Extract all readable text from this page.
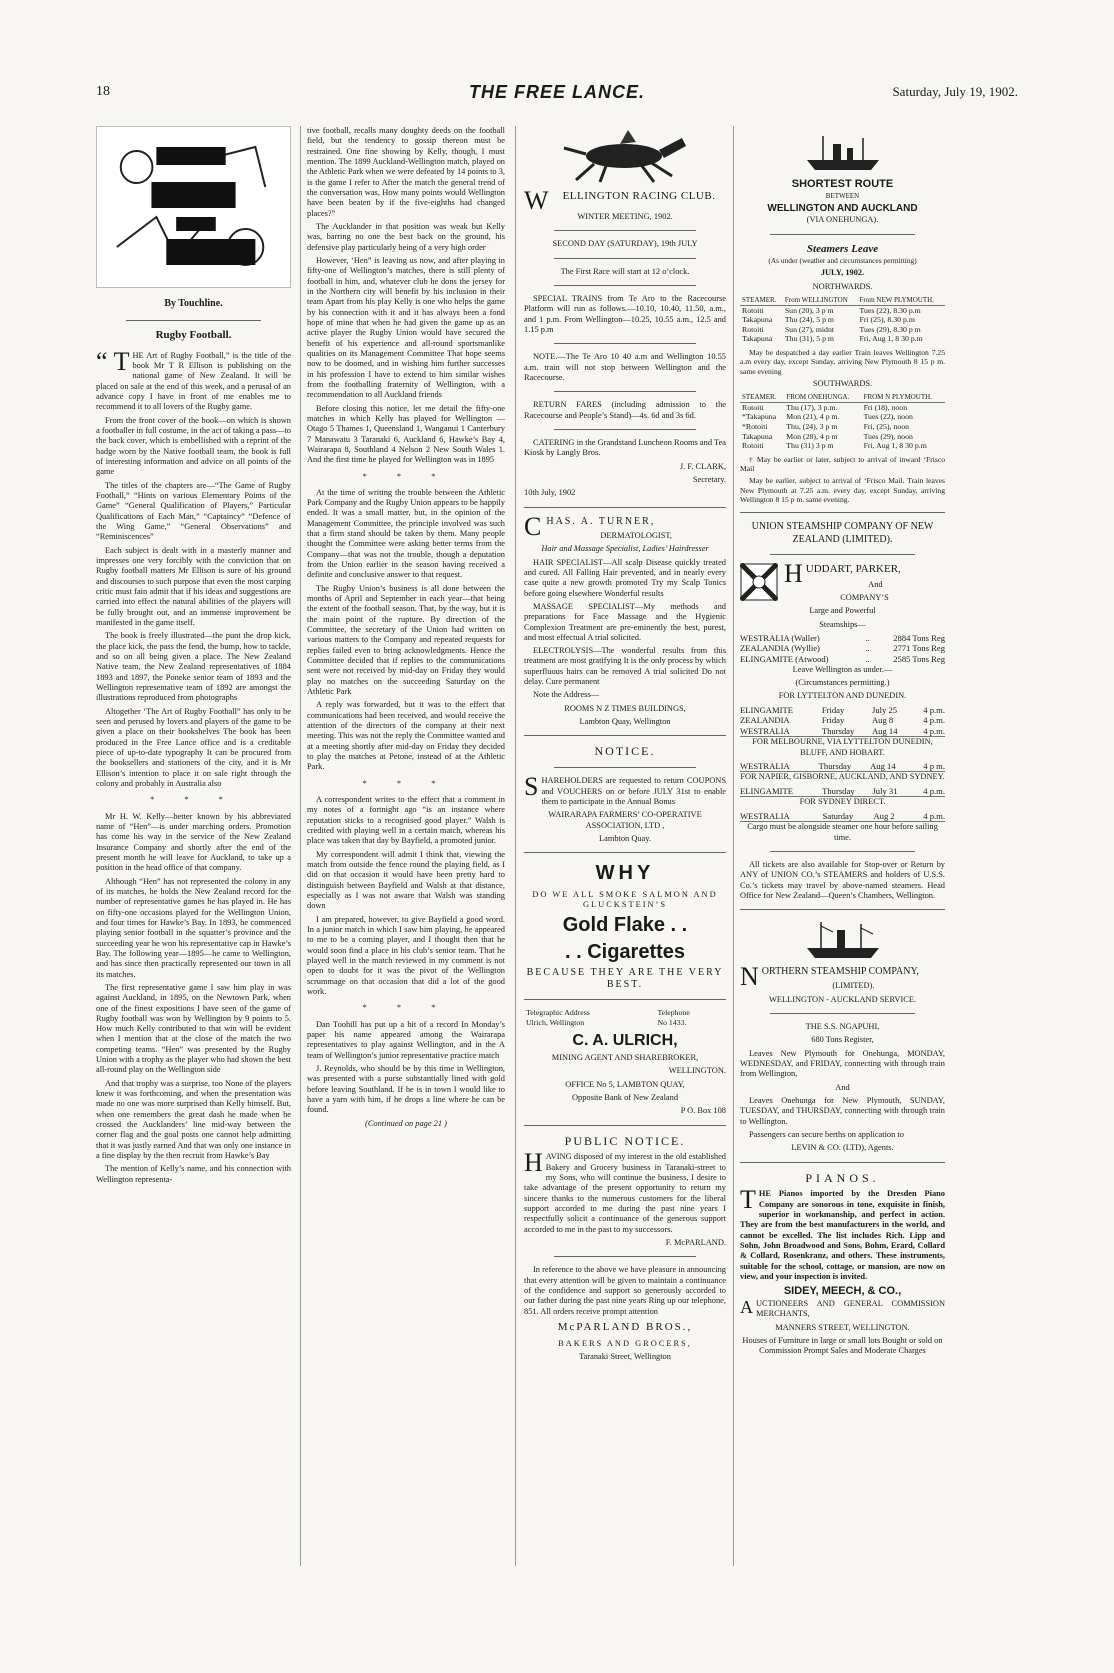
18	THE FREE LANCE.	Saturday, July 19, 1902.
By Touchline.
Rugby Football.

“ T HE Art of Rugby Football,” is the title of the book Mr T R Ellison is publishing on the national game of New Zealand. It will be placed on sale at the end of this week, and a perusal of an advance copy I have in front of me enables me to recommend it to all lovers of the Rugby game.

From the front cover of the book—on which is shown a footballer in full costume, in the act of taking a pass—to the back cover, which is embellished with a reprint of the badge worn by the Native football team, the book is full of interesting information and advice on all points of the game

The titles of the chapters are—“The Game of Rugby Football,” “Hints on various Elementary Points of the Game” “General Qualification of Players,” Particular Qualifications of Each Man,” “Captaincy” “Defence of the Wing Game,” “General Observations” and “Reminiscences”

Each subject is dealt with in a masterly manner and impresses one very forcibly with the conviction that on Rugby football matters Mr Ellison is sure of his ground and discourses to such purpose that even the most carping critic must fain admit that if his ideas and suggestions are carried into effect the natural abilities of the players will be fully brought out, and an immense improvement be manifested in the game itself.

The book is freely illustrated—the punt the drop kick, the place kick, the pass the fend, the bump, how to tackle, and so on all being given a place. The New Zealand Native team, the New Zealand representatives of 1884 1893 and 1897, the Poneke senior team of 1893 and the Wellington representative team of 1892 are amongst the illustrations reproduced from photographs

Altogether ‘The Art of Rugby Football” has only to be seen and perused by lovers and players of the game to be given a place on their bookshelves The book has been produced in the Free Lance office and is a creditable piece of up-to-date typography It can be procured from the booksellers and stationers of the city, and it is Mr Ellison’s intention to place it on sale right through the colony and probably in Australia also

* * *

Mr H. W. Kelly—better known by his abbreviated name of “Hen”—is under marching orders. Promotion has come his way in the service of the New Zealand Insurance Company and shortly after the end of the present month he will leave for Auckland, to take up a position in the head office of that company.

Although “Hen” has not represented the colony in any of its matches, he holds the New Zealand record for the number of representative games he has played in. He has on fifty-one occasions played for the Wellington Union, and four times for Hawke’s Bay. In 1893, he commenced playing senior football in the squatter’s province and the succeeding year he won his representative cap in Hawke’s Bay. The following year—1895—he came to Wellington, and has since then practically represented our town in all its matches.

The first representative game I saw him play in was against Auckland, in 1895, on the Newtown Park, when one of the finest expositions I have seen of the game of Rugby football was won by Wellington by 9 points to 5. How much Kelly contributed to that win will be evident when I mention that at the close of the match the two competing teams. “Hen” was presented by the Rugby Union with a trophy as the player who had shown the best all-round play on the Wellington side

And that trophy was a surprise, too None of the players knew it was forthcoming, and when the presentation was made no one was more surprised than Kelly himself. But, when one remembers the great dash he made when he crossed the Aucklanders’ line mid-way between the corner flag and the goal posts one cannot help admitting that it was justly earned And that was only one instance in a fine display by the then recruit from Hawke’s Bay

The mention of Kelly’s name, and his connection with Wellington representa-

tive football, recalls many doughty deeds on the football field, but the tendency to gossip thereon must be restrained. One fine showing by Kelly, though, I must mention. The 1899 Auckland-Wellington match, played on the Athletic Park when we were defeated by 14 points to 3, is the game I refer to After the match the general trend of the conversation was, How many points would Wellington have been beaten by if the five-eighths had changed places?”

The Aucklander in that position was weak but Kelly was, barring no one the best back on the ground, his defensive play particularly being of a very high order

However, ‘Hen” is leaving us now, and after playing in fifty-one of Wellington’s matches, there is still plenty of football in him, and, whatever club he dons the jersey for in the Northern city will benefit by his inclusion in their team Apart from his play Kelly is one who helps the game by his connection with it and it has always been a fond hope of mine that when he had given the game up as an active player the Rugby Union would have secured the benefit of his experience and all-round sportsmanlike qualities on its Management Committee That hope seems now to be doomed, and in wishing him further successes in his profession I have to extend to him similar wishes from the footballing fraternity of Wellington, with a recommendation to all Auckland friends

Before closing this notice, let me detail the fifty-one matches in which Kelly has played for Wellington — Otago 5 Thames 1, Queensland 1, Wanganui 1 Canterbury 7 Manawatu 3 Taranaki 6, Auckland 6, Hawke’s Bay 4, Wairarapa 8, Southland 4 Nelson 2 New South Wales 1. And the first time he played for Wellington was in 1895

* * *

At the time of writing the trouble between the Athletic Park Company and the Rugby Union appears to be happily ended. It was a small matter, but, in the opinion of the Management Committee, the principle involved was such that a firm stand should be taken by them. Many people thought the Committee were asking better terms from the Company—that was not the trouble, though a deputation from the Union earlier in the season having received a definite and conclusive answer to that request.

The Rugby Union’s business is all done between the months of April and September in each year—that being the extent of the football season. That, by the way, but it is the main point of the rupture. By direction of the Committee, the secretary of the Union had written on various matters to the Company and repeated requests for replies failed even to bring acknowledgments. Hence the Committee decided that if replies to the communications sent were not received by mid-day on Friday they would play no matches on the succeeding Saturday on the Athletic Park

A reply was forwarded, but it was to the effect that communications had been received, and would receive the attention of the directors of the company at their next meeting. This was not the reply the Committee wanted and at a meeting shortly after mid-day on Friday they decided to play the matches at Petone, instead of at the Athletic Park.

* * *

A correspondent writes to the effect that a comment in my notes of a fortnight ago “is an instance where reputation sticks to a recognised good player.” Walsh is credited with playing well in a certain match, whereas his place was taken that day by Bayfield, a promoted junior.

My correspondent will admit I think that, viewing the match from outside the fence round the playing field, as I did on that occasion it would have been pretty hard to distinguish between Bayfield and Walsh at that distance, especially as I was not aware that Walsh was standing down

I am prepared, however, to give Bayfield a good word. In a junior match in which I saw him playing, he appeared to me to be a coming player, and I thought then that he would soon find a place in his club’s senior team. That he played well in the match reviewed in my comment is not open to doubt for it was the pivot of the Wellington scrummage on that occasion that did a lot of the good work.

* * *

Dan Toohill has put up a bit of a record In Monday’s paper his name appeared among the Wairarapa representatives to play against Wellington, and in the A team of Wellington’s junior representative practice match

J. Reynolds, who should be by this time in Wellington, was presented with a purse substantially lined with gold before leaving Southland. If he is in town I would like to have a yarn with him, if he drops a line where he can be found.

(Continued on page 21 )

W ELLINGTON RACING CLUB.

WINTER MEETING, 1902.

SECOND DAY (SATURDAY), 19th JULY

The First Race will start at 12 o’clock.

SPECIAL TRAINS from Te Aro to the Racecourse Platform will run as follows.—10.10, 10.40, 11.50, a.m., and 1 p.m. From Wellington—10.25, 10.55 a.m., 12.5 and 1.15 p.m

NOTE.—The Te Aro 10 40 a.m and Wellington 10.55 a.m. train will not stop between Wellington and the Racecourse.

RETURN FARES (including admission to the Racecourse and People’s Stand)—4s. 6d and 3s 6d.

CATERING in the Grandstand Luncheon Rooms and Tea Kiosk by Langly Bros.

J. F. CLARK,

Secretary.

10th July, 1902

CHAS. A. TURNER,

DERMATOLOGIST,

Hair and Massage Specialist, Ladies’ Hairdresser

HAIR SPECIALIST—All scalp Disease quickly treated and cured. All Falling Hair prevented, and in nearly every case quite a new growth promoted Try my Scalp Tonics before going elsewhere Wonderful results

MASSAGE SPECIALIST—My methods and preparations for Face Massage and the Hygienic Complexion Treatment are pre-eminently the best, purest, and most effectual A trial solicited.

ELECTROLYSIS—The wonderful results from this treatment are most gratifying It is the only process by which superfluous hairs can be removed A trial solicited Do not delay. Cure permanent

Note the Address—

ROOMS N Z TIMES BUILDINGS,

Lambton Quay, Wellington

NOTICE.

SHAREHOLDERS are requested to return COUPONS and VOUCHERS on or before JULY 31st to enable them to participate in the Annual Bonus

WAIRARAPA FARMERS’ CO-OPERATIVE ASSOCIATION, LTD ,

Lambton Quay.

WHY

DO WE ALL SMOKE SALMON AND GLUCKSTEIN’S

Gold Flake . .
. . Cigarettes

BECAUSE THEY ARE THE VERY BEST.

Telegraphic Address	Telephone
Ulrich, Wellington	No 1433.
C. A. ULRICH,

MINING AGENT AND SHAREBROKER,

WELLINGTON.

OFFICE No 5, LAMBTON QUAY,

Opposite Bank of New Zealand

P O. Box 108

PUBLIC NOTICE.

HAVING disposed of my interest in the old established Bakery and Grocery business in Taranaki-street to my Sons, who will continue the business, I desire to take advantage of the present opportunity to return my sincere thanks to the numerous customers for the liberal support accorded to me during the past nine years I respectfully solicit a continuance of the generous support accorded to me in the past to my successors.

F. McPARLAND.

In reference to the above we have pleasure in announcing that every attention will be given to maintain a continuance of the confidence and support so generously accorded to our father during the past nine years Ring up our telephone, 851. All orders receive prompt attention

McPARLAND BROS.,

BAKERS AND GROCERS,

Taranaki Street, Wellington

SHORTEST ROUTE

BETWEEN

WELLINGTON AND AUCKLAND

(VIA ONEHUNGA).

Steamers Leave

(As under (weather and circumstances permitting)

JULY, 1902.

NORTHWARDS.

STEAMER.	From WELLINGTON	From NEW PLYMOUTH.
Rotoiti	Sun (20), 3 p m	Tues (22), 8.30 p.m
Takapuna	Thu (24), 5 p m	Fri (25), 8.30 p.m
Rotoiti	Sun (27), midnt	Tues (29), 8.30 p m
Takapuna	Thu (31), 5 p m	Fri, Aug 1, 8 30 p.m

May be despatched a day earlier Train leaves Wellington 7.25 a.m every day, except Sunday, arriving New Plymouth 8 15 p m. same evening

SOUTHWARDS.

STEAMER.	FROM ONEHUNGA.	FROM N PLYMOUTH.
Rotoiti	Thu (17), 3 p.m.	Fri (18), noon
*Takapuna	Mon (21), 4 p m.	Tues (22), noon
*Rotoiti	Thu, (24), 3 p m	Fri, (25), noon
Takapuna	Mon (28), 4 p m	Tues (29), noon
Rotoiti	Thu (31) 3 p m	Fri, Aug 1, 8 30 p.m

† May be earlier or later, subject to arrival of inward ‘Frisco Mail

May be earlier, subject to arrival of ‘Frisco Mail. Train leaves New Plymouth at 7.25 a.m. every day, except Sunday, arriving Wellington 8 15 p m. same evening.

UNION STEAMSHIP COMPANY OF NEW ZEALAND (LIMITED).

HUDDART, PARKER,

And

COMPANY’S

Large and Powerful

Steamships—

WESTRALIA (Waller)	..	2884 Tons Reg
ZEALANDIA (Wyllie)	..	2771 Tons Reg
ELINGAMITE (Atwood)	..	2585 Tons Reg

Leave Wellington as under.—

(Circumstances permitting.)

FOR LYTTELTON AND DUNEDIN.

ELINGAMITE	Friday	July 25	4 p.m.
ZEALANDIA	Friday	Aug 8	4 p.m.
WESTRALIA	Thursday	Aug 14	4 p.m.

FOR MELBOURNE, VIA LYTTELTON DUNEDIN, BLUFF, AND HOBART.

WESTRALIA	Thursday	Aug 14	4 p m.

FOR NAPIER, GISBORNE, AUCKLAND, AND SYDNEY.

ELINGAMITE	Thursday	July 31	4 p.m.

FOR SYDNEY DIRECT.

WESTRALIA	Saturday	Aug 2	4 p.m.

Cargo must be alongside steamer one hour before sailing time.

All tickets are also available for Stop-over or Return by ANY of UNION CO.’s STEAMERS and holders of U.S.S. Co.’s tickets may travel by above-named steamers. Head Office for New Zealand—Queen’s Chambers, Wellington.

NORTHERN STEAMSHIP COMPANY,

(LIMITED).

WELLINGTON - AUCKLAND SERVICE.

THE S.S. NGAPUHI,

680 Tons Register,

Leaves New Plymouth for Onehunga, MONDAY, WEDNESDAY, and FRIDAY, connecting with through train from Wellington,

And

Leaves Onehunga for New Plymouth, SUNDAY, TUESDAY, and THURSDAY, connecting with through train to Wellington.

Passengers can secure berths on application to

LEVIN & CO. (LTD), Agents.

PIANOS.

THE Pianos imported by the Dresden Piano Company are sonorous in tone, exquisite in finish, superior in workmanship, and perfect in action. They are from the best manufacturers in the world, and cannot be excelled. The list includes Rich. Lipp and Sohn, John Broadwood and Sons, Bohm, Erard, Collard & Collard, Rosenkranz, and others. These instruments, suitable for the school, cottage, or mansion, are now on view, and your inspection is invited.

SIDEY, MEECH, & CO.,

AUCTIONEERS AND GENERAL COMMISSION MERCHANTS,

MANNERS STREET, WELLINGTON.

Houses of Furniture in large or small lots Bought or sold on Commission Prompt Sales and Moderate Charges
